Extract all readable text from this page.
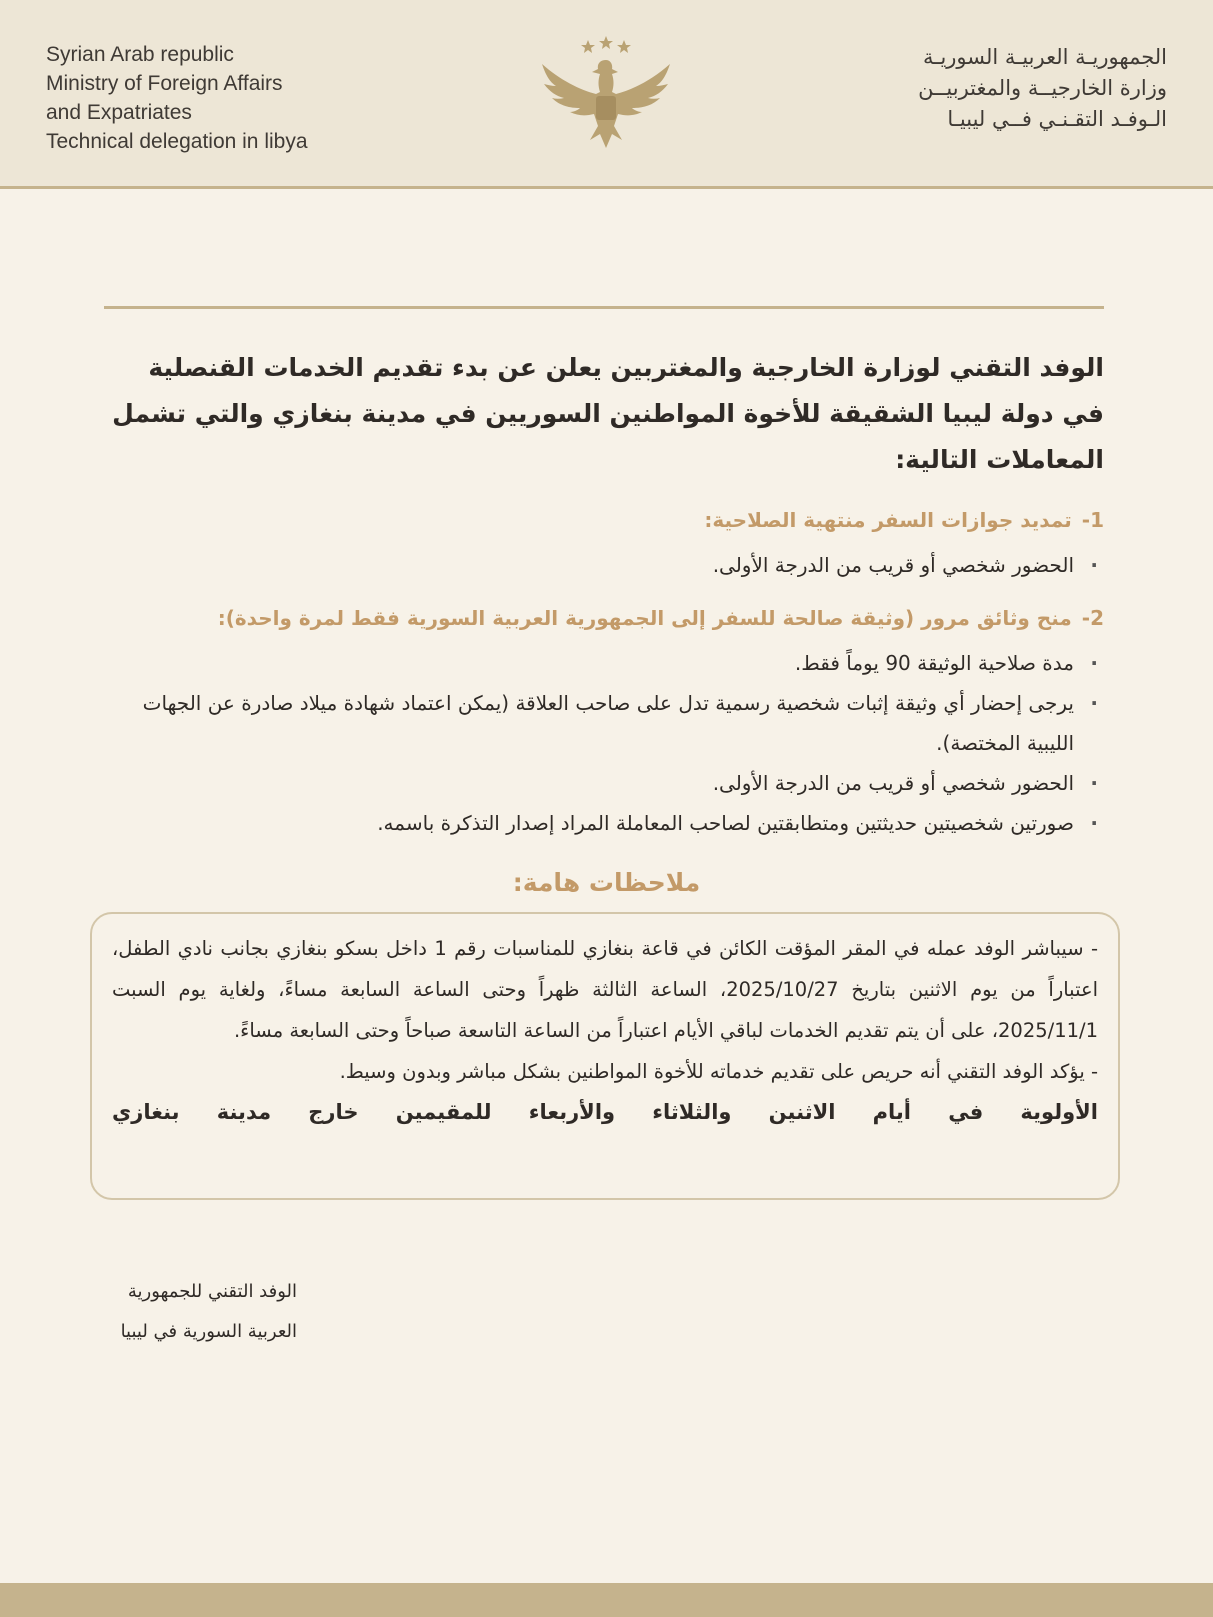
Syrian Arab republic
Ministry of Foreign Affairs
and Expatriates
Technical delegation in libya
الجمهوريـة العربيـة السوريـة
وزارة الخارجيــة والمغتربيــن
الـوفـد التقـنـي فــي ليبيـا

الوفد التقني لوزارة الخارجية والمغتربين يعلن عن بدء تقديم الخدمات القنصلية في دولة ليبيا الشقيقة للأخوة المواطنين السوريين في مدينة بنغازي والتي تشمل المعاملات التالية:

1-تمديد جوازات السفر منتهية الصلاحية:
· الحضور شخصي أو قريب من الدرجة الأولى.
2-منح وثائق مرور (وثيقة صالحة للسفر إلى الجمهورية العربية السورية فقط لمرة واحدة):
· مدة صلاحية الوثيقة 90 يوماً فقط.
· يرجى إحضار أي وثيقة إثبات شخصية رسمية تدل على صاحب العلاقة (يمكن اعتماد شهادة ميلاد صادرة عن الجهات الليبية المختصة).
· الحضور شخصي أو قريب من الدرجة الأولى.
· صورتين شخصيتين حديثتين ومتطابقتين لصاحب المعاملة المراد إصدار التذكرة باسمه.
ملاحظات هامة:

- سيباشر الوفد عمله في المقر المؤقت الكائن في قاعة بنغازي للمناسبات رقم 1 داخل بسكو بنغازي بجانب نادي الطفل، اعتباراً من يوم الاثنين بتاريخ 2025/10/27، الساعة الثالثة ظهراً وحتى الساعة السابعة مساءً، ولغاية يوم السبت 2025/11/1، على أن يتم تقديم الخدمات لباقي الأيام اعتباراً من الساعة التاسعة صباحاً وحتى السابعة مساءً.

- يؤكد الوفد التقني أنه حريص على تقديم خدماته للأخوة المواطنين بشكل مباشر وبدون وسيط.

الأولوية في أيام الاثنين والثلاثاء والأربعاء للمقيمين خارج مدينة بنغازي

الوفد التقني للجمهورية
العربية السورية في ليبيا
